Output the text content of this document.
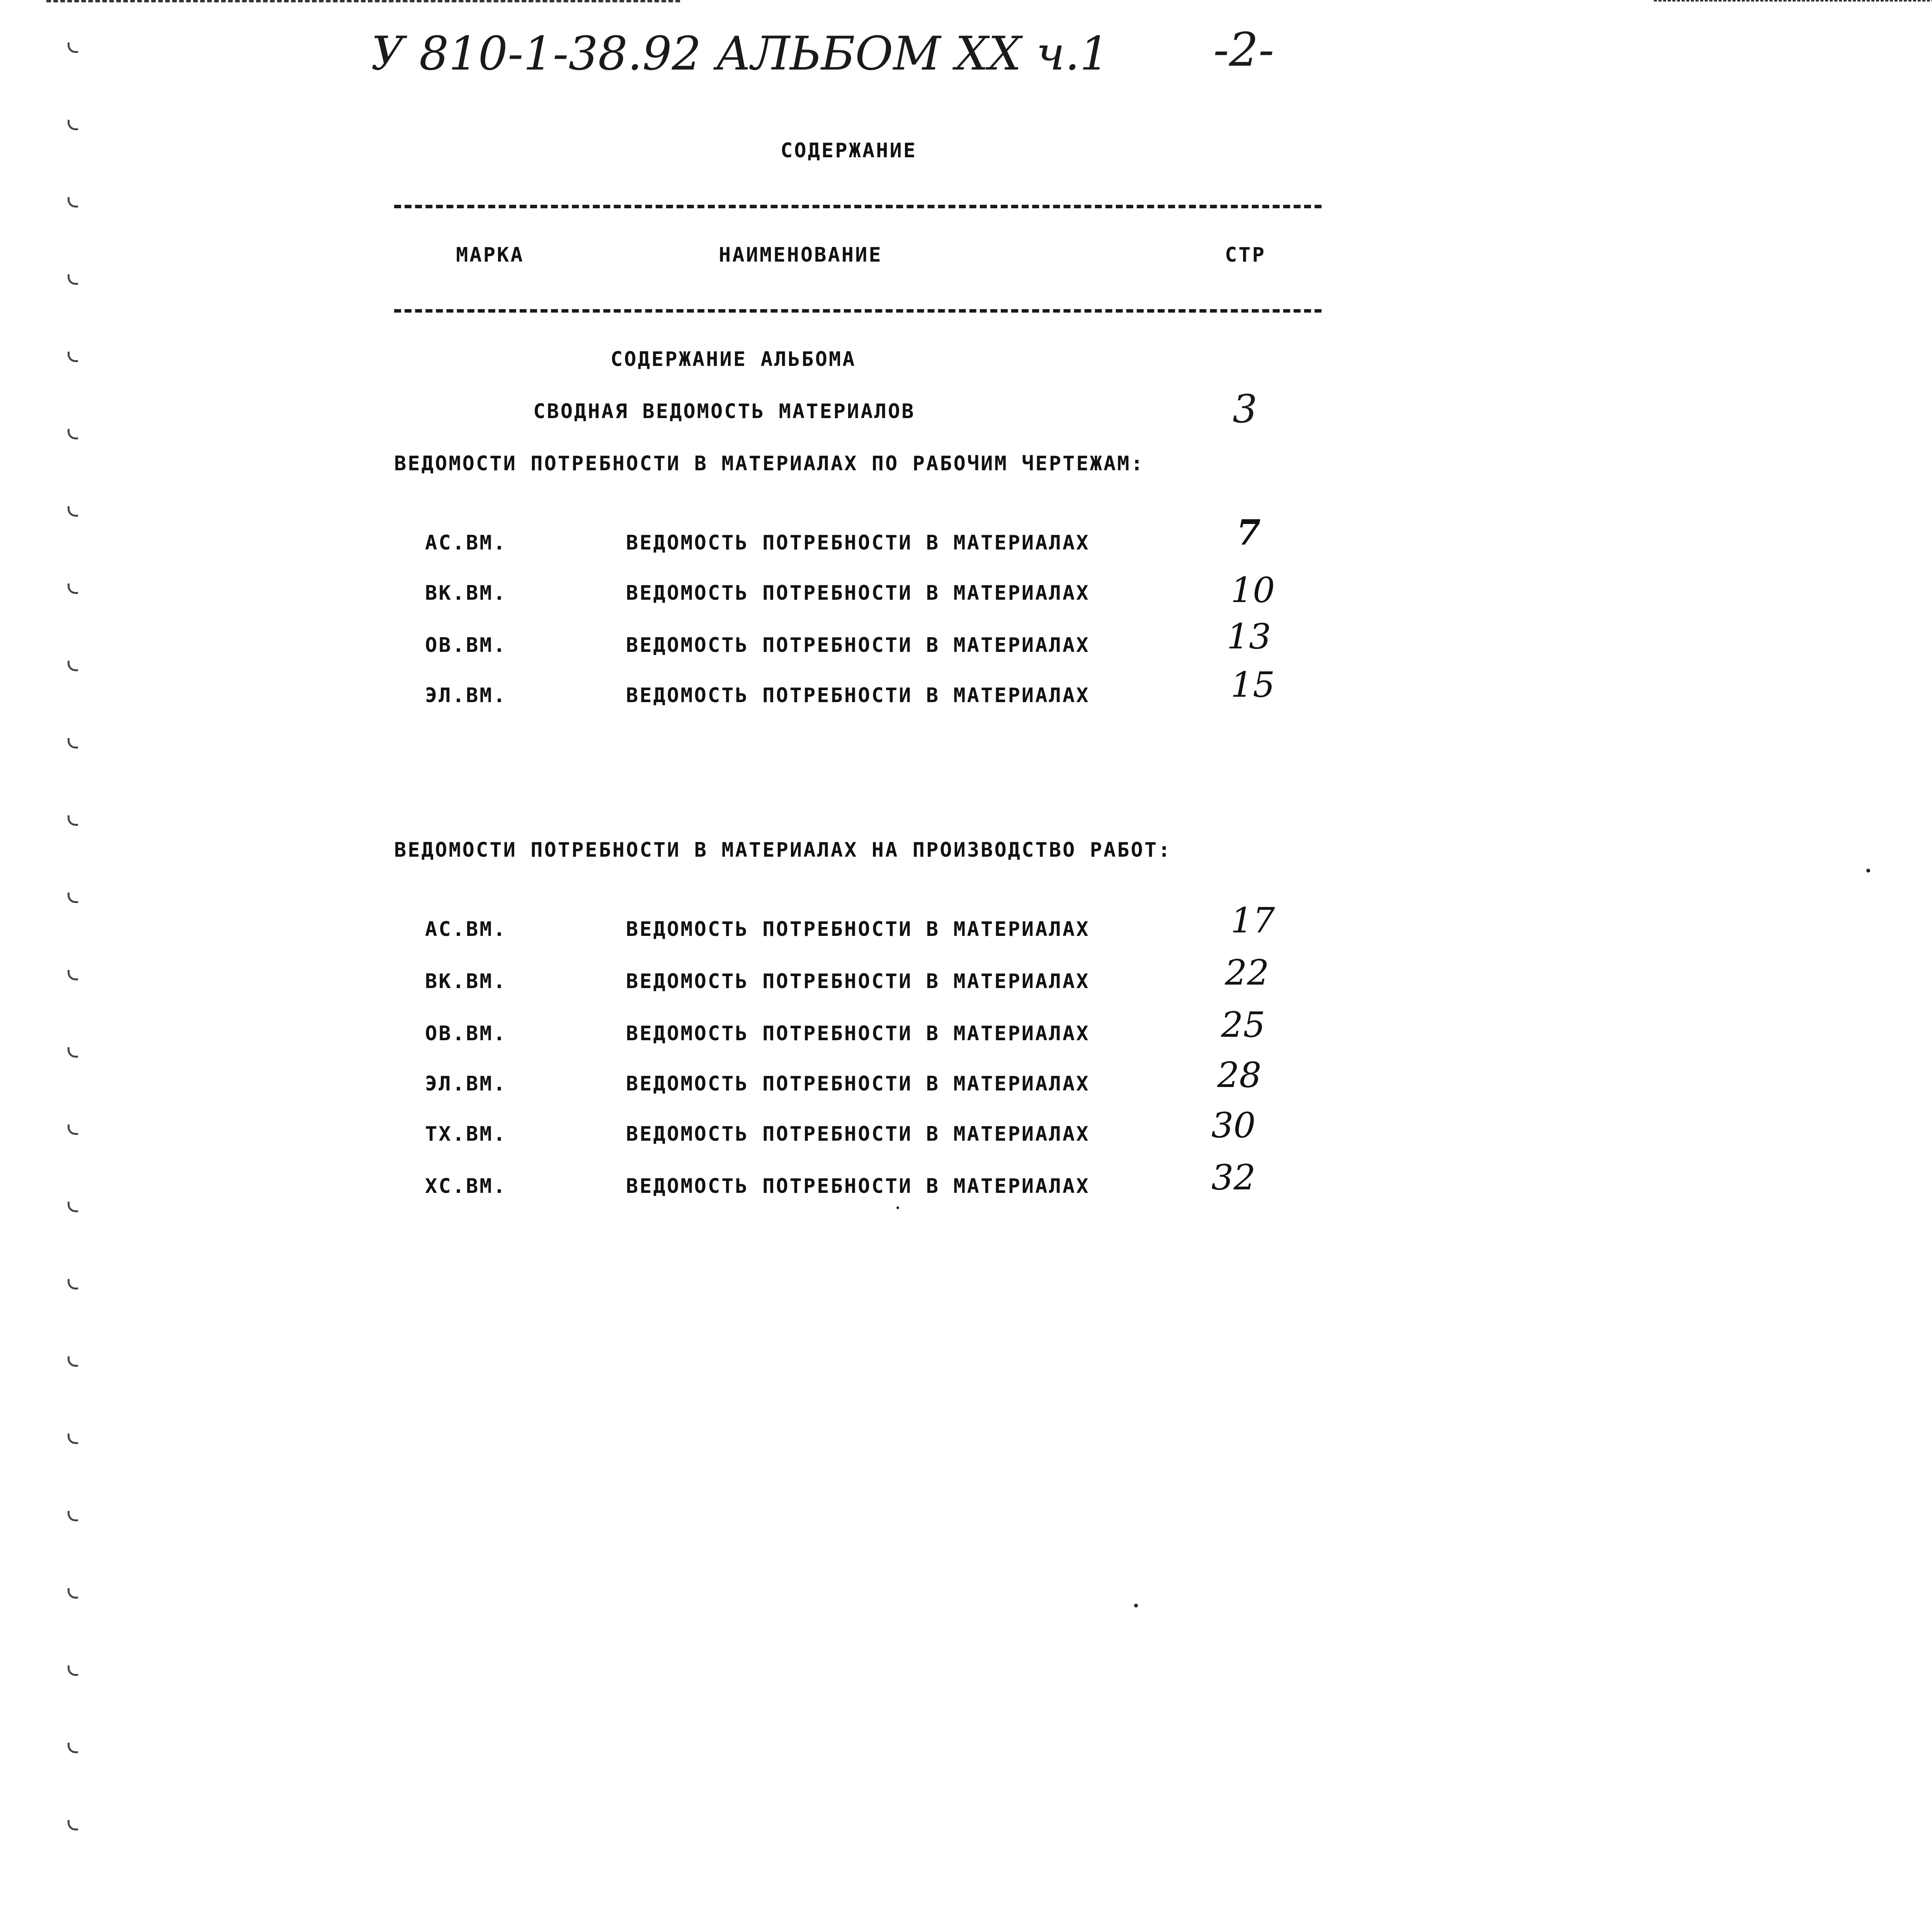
У 810-1-38.92 АЛЬБОМ XX ч.1 -2-
СОДЕРЖАНИЕ
МАРКА	НАИМЕНОВАНИЕ	СТР
СОДЕРЖАНИЕ АЛЬБОМА
СВОДНАЯ ВЕДОМОСТЬ МАТЕРИАЛОВ	3
ВЕДОМОСТИ ПОТРЕБНОСТИ В МАТЕРИАЛАХ ПО РАБОЧИМ ЧЕРТЕЖАМ:
АС.ВМ.	ВЕДОМОСТЬ ПОТРЕБНОСТИ В МАТЕРИАЛАХ	7
ВК.ВМ.	ВЕДОМОСТЬ ПОТРЕБНОСТИ В МАТЕРИАЛАХ	10
ОВ.ВМ.	ВЕДОМОСТЬ ПОТРЕБНОСТИ В МАТЕРИАЛАХ	13
ЭЛ.ВМ.	ВЕДОМОСТЬ ПОТРЕБНОСТИ В МАТЕРИАЛАХ	15
ВЕДОМОСТИ ПОТРЕБНОСТИ В МАТЕРИАЛАХ НА ПРОИЗВОДСТВО РАБОТ:
АС.ВМ.	ВЕДОМОСТЬ ПОТРЕБНОСТИ В МАТЕРИАЛАХ	17
ВК.ВМ.	ВЕДОМОСТЬ ПОТРЕБНОСТИ В МАТЕРИАЛАХ	22
ОВ.ВМ.	ВЕДОМОСТЬ ПОТРЕБНОСТИ В МАТЕРИАЛАХ	25
ЭЛ.ВМ.	ВЕДОМОСТЬ ПОТРЕБНОСТИ В МАТЕРИАЛАХ	28
ТХ.ВМ.	ВЕДОМОСТЬ ПОТРЕБНОСТИ В МАТЕРИАЛАХ	30
ХС.ВМ.	ВЕДОМОСТЬ ПОТРЕБНОСТИ В МАТЕРИАЛАХ	32
